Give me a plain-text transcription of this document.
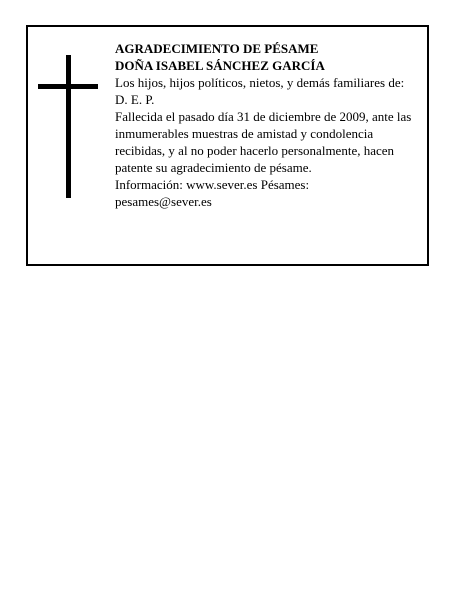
AGRADECIMIENTO DE PÉSAME

DOÑA ISABEL SÁNCHEZ GARCÍA

Los hijos, hijos políticos, nietos, y demás familiares de:

D. E. P.

Fallecida el pasado día 31 de diciembre de 2009, ante las inmumerables muestras de amistad y condolencia recibidas, y al no poder hacerlo personalmente, hacen patente su agradecimiento de pésame.

Información: www.sever.es Pésames:

pesames@sever.es
